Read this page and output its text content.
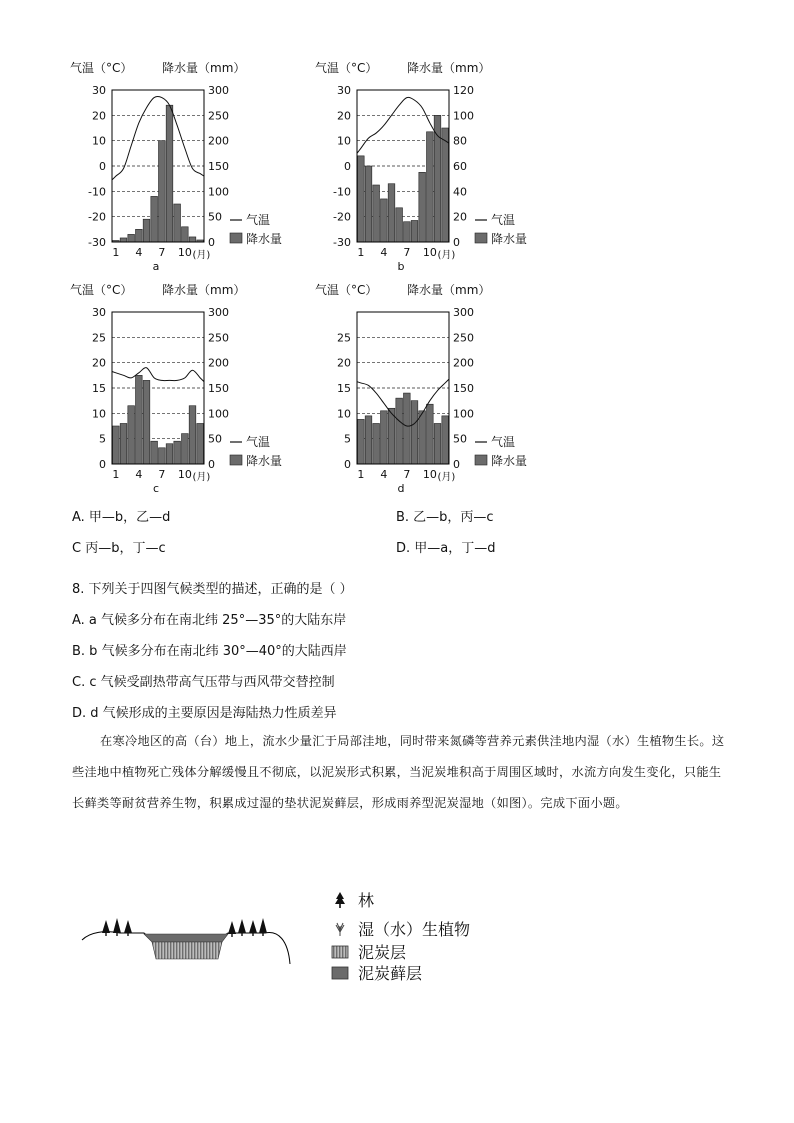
气温（°C） 降水量（mm）
300
250
200
150
100
50
0
30
20
10
0
-10
-20
-30
1 4 7 10 (月)
a
气温
降水量
气温（°C） 降水量（mm）
120
100
80
60
40
20
0
30
20
10
0
-10
-20
-30
1 4 7 10 (月)
b
气温
降水量
气温（°C） 降水量（mm）
300
250
200
150
100
50
0
30
25
20
15
10
5
0
1 4 7 10 (月)
c
气温
降水量
气温（°C） 降水量（mm）
300
250
200
150
100
50
0
25
20
15
10
5
0
1 4 7 10 (月)
d
气温
降水量
A. 甲—b，乙—d	B. 乙—b，丙—c
C 丙—b，丁—c	D. 甲—a，丁—d
8. 下列关于四图气候类型的描述，正确的是（ ）
A. a 气候多分布在南北纬 25°—35°的大陆东岸
B. b 气候多分布在南北纬 30°—40°的大陆西岸
C. c 气候受副热带高气压带与西风带交替控制
D. d 气候形成的主要原因是海陆热力性质差异
在寒冷地区的高（台）地上，流水少量汇于局部洼地，同时带来氮磷等营养元素供洼地内湿（水）生植物生长。这些洼地中植物死亡残体分解缓慢且不彻底，以泥炭形式积累，当泥炭堆积高于周围区域时，水流方向发生变化，只能生长藓类等耐贫营养生物，积累成过湿的垫状泥炭藓层，形成雨养型泥炭湿地（如图）。完成下面小题。
林
湿（水）生植物
泥炭层
泥炭藓层
